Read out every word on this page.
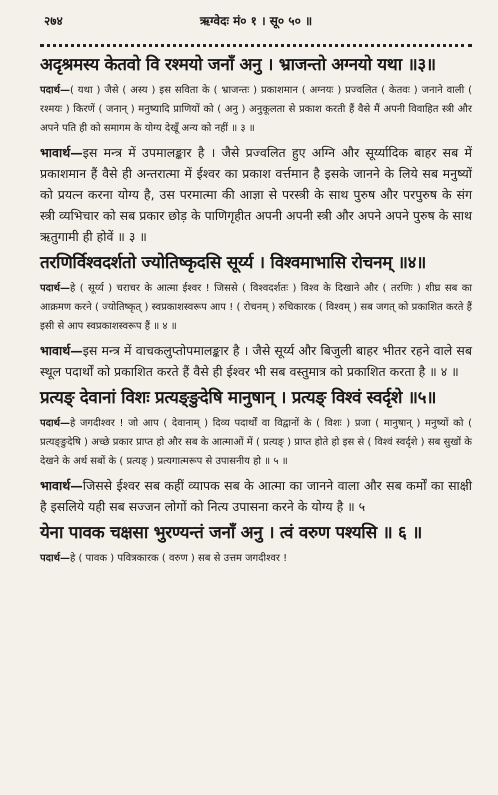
२७४	ऋग्वेदः मं० १ । सू० ५० ॥
अदृश्रमस्य केतवो वि रश्मयो जनाँ अनु । भ्राजन्तो अग्नयो यथा ॥३॥

पदार्थ—( यथा ) जैसे ( अस्य ) इस सविता के ( भ्राजन्तः ) प्रकाशमान ( अग्नयः ) प्रज्वलित ( केतवः ) जनाने वाली ( रश्मयः ) किरणें ( जनान् ) मनुष्यादि प्राणियों को ( अनु ) अनुकूलता से प्रकाश करती हैं वैसे मैं अपनी विवाहित स्त्री और अपने पति ही को समागम के योग्य देखूँ अन्य को नहीं ॥ ३ ॥

भावार्थ—इस मन्त्र में उपमालङ्कार है । जैसे प्रज्वलित हुए अग्नि और सूर्य्यादिक बाहर सब में प्रकाशमान हैं वैसे ही अन्तरात्मा में ईश्वर का प्रकाश वर्त्तमान है इसके जानने के लिये सब मनुष्यों को प्रयत्न करना योग्य है, उस परमात्मा की आज्ञा से परस्त्री के साथ पुरुष और परपुरुष के संग स्त्री व्यभिचार को सब प्रकार छोड़ के पाणिगृहीत अपनी अपनी स्त्री और अपने अपने पुरुष के साथ ऋतुगामी ही होवें ॥ ३ ॥

तरणिर्विश्वदर्शतो ज्योतिष्कृदसि सूर्य्य । विश्वमाभासि रोचनम् ॥४॥

पदार्थ—हे ( सूर्य्य ) चराचर के आत्मा ईश्वर ! जिससे ( विश्वदर्शतः ) विश्व के दिखाने और ( तरणिः ) शीघ्र सब का आक्रमण करने ( ज्योतिष्कृत् ) स्वप्रकाशस्वरूप आप ! ( रोचनम् ) रुचिकारक ( विश्वम् ) सब जगत् को प्रकाशित करते हैं इसी से आप स्वप्रकाशस्वरूप हैं ॥ ४ ॥

भावार्थ—इस मन्त्र में वाचकलुप्तोपमालङ्कार है । जैसे सूर्य्य और बिजुली बाहर भीतर रहने वाले सब स्थूल पदार्थों को प्रकाशित करते हैं वैसे ही ईश्वर भी सब वस्तुमात्र को प्रकाशित करता है ॥ ४ ॥

प्रत्यङ् देवानां विशः प्रत्यङ्ङुदेषि मानुषान् । प्रत्यङ् विश्वं स्वर्दृशे ॥५॥

पदार्थ—हे जगदीश्वर ! जो आप ( देवानाम् ) दिव्य पदार्थों वा विद्वानों के ( विशः ) प्रजा ( मानुषान् ) मनुष्यों को ( प्रत्यङ्ङुदेषि ) अच्छे प्रकार प्राप्त हो और सब के आत्माओं में ( प्रत्यङ् ) प्राप्त होते हो इस से ( विश्वं स्वर्दृशे ) सब सुखों के देखने के अर्थ सबों के ( प्रत्यङ् ) प्रत्यगात्मरूप से उपासनीय हो ॥ ५ ॥

भावार्थ—जिससे ईश्वर सब कहीं व्यापक सब के आत्मा का जानने वाला और सब कर्मों का साक्षी है इसलिये यही सब सज्जन लोगों को नित्य उपासना करने के योग्य है ॥ ५

येना पावक चक्षसा भुरण्यन्तं जनाँ अनु । त्वं वरुण पश्यसि ॥ ६ ॥

पदार्थ—हे ( पावक ) पवित्रकारक ( वरुण ) सब से उत्तम जगदीश्वर !
